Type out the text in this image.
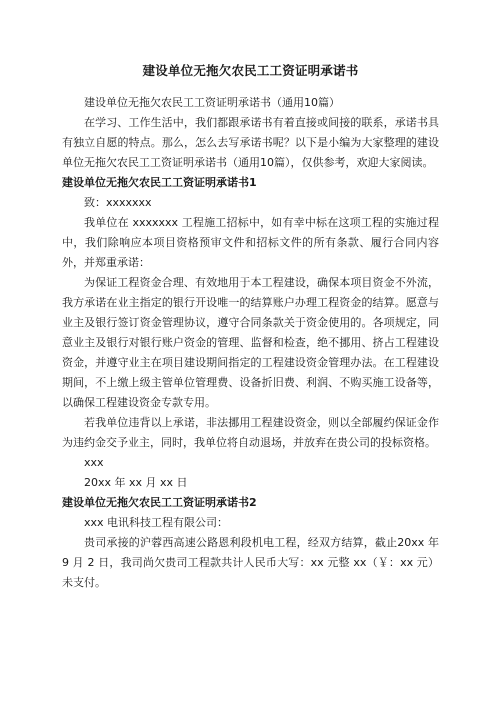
建设单位无拖欠农民工工资证明承诺书

建设单位无拖欠农民工工资证明承诺书（通用10篇）

在学习、工作生活中，我们都跟承诺书有着直接或间接的联系，承诺书具有独立自愿的特点。那么，怎么去写承诺书呢？以下是小编为大家整理的建设单位无拖欠农民工工资证明承诺书（通用10篇），仅供参考，欢迎大家阅读。

建设单位无拖欠农民工工资证明承诺书1

致：xxxxxxx

我单位在 xxxxxxx 工程施工招标中，如有幸中标在这项工程的实施过程中，我们除响应本项目资格预审文件和招标文件的所有条款、履行合同内容外，并郑重承诺：

为保证工程资金合理、有效地用于本工程建设，确保本项目资金不外流，我方承诺在业主指定的银行开设唯一的结算账户办理工程资金的结算。愿意与业主及银行签订资金管理协议，遵守合同条款关于资金使用的。各项规定，同意业主及银行对银行账户资金的管理、监督和检查，绝不挪用、挤占工程建设资金，并遵守业主在项目建设期间指定的工程建设资金管理办法。在工程建设期间，不上缴上级主管单位管理费、设备折旧费、利润、不购买施工设备等，以确保工程建设资金专款专用。

若我单位违背以上承诺，非法挪用工程建设资金，则以全部履约保证金作为违约金交予业主，同时，我单位将自动退场，并放弃在贵公司的投标资格。

xxx

20xx 年 xx 月 xx 日

建设单位无拖欠农民工工资证明承诺书2

xxx 电讯科技工程有限公司：

贵司承接的沪蓉西高速公路恩利段机电工程，经双方结算，截止20xx 年 9 月 2 日，我司尚欠贵司工程款共计人民币大写：xx 元整 xx（￥：xx 元）未支付。
